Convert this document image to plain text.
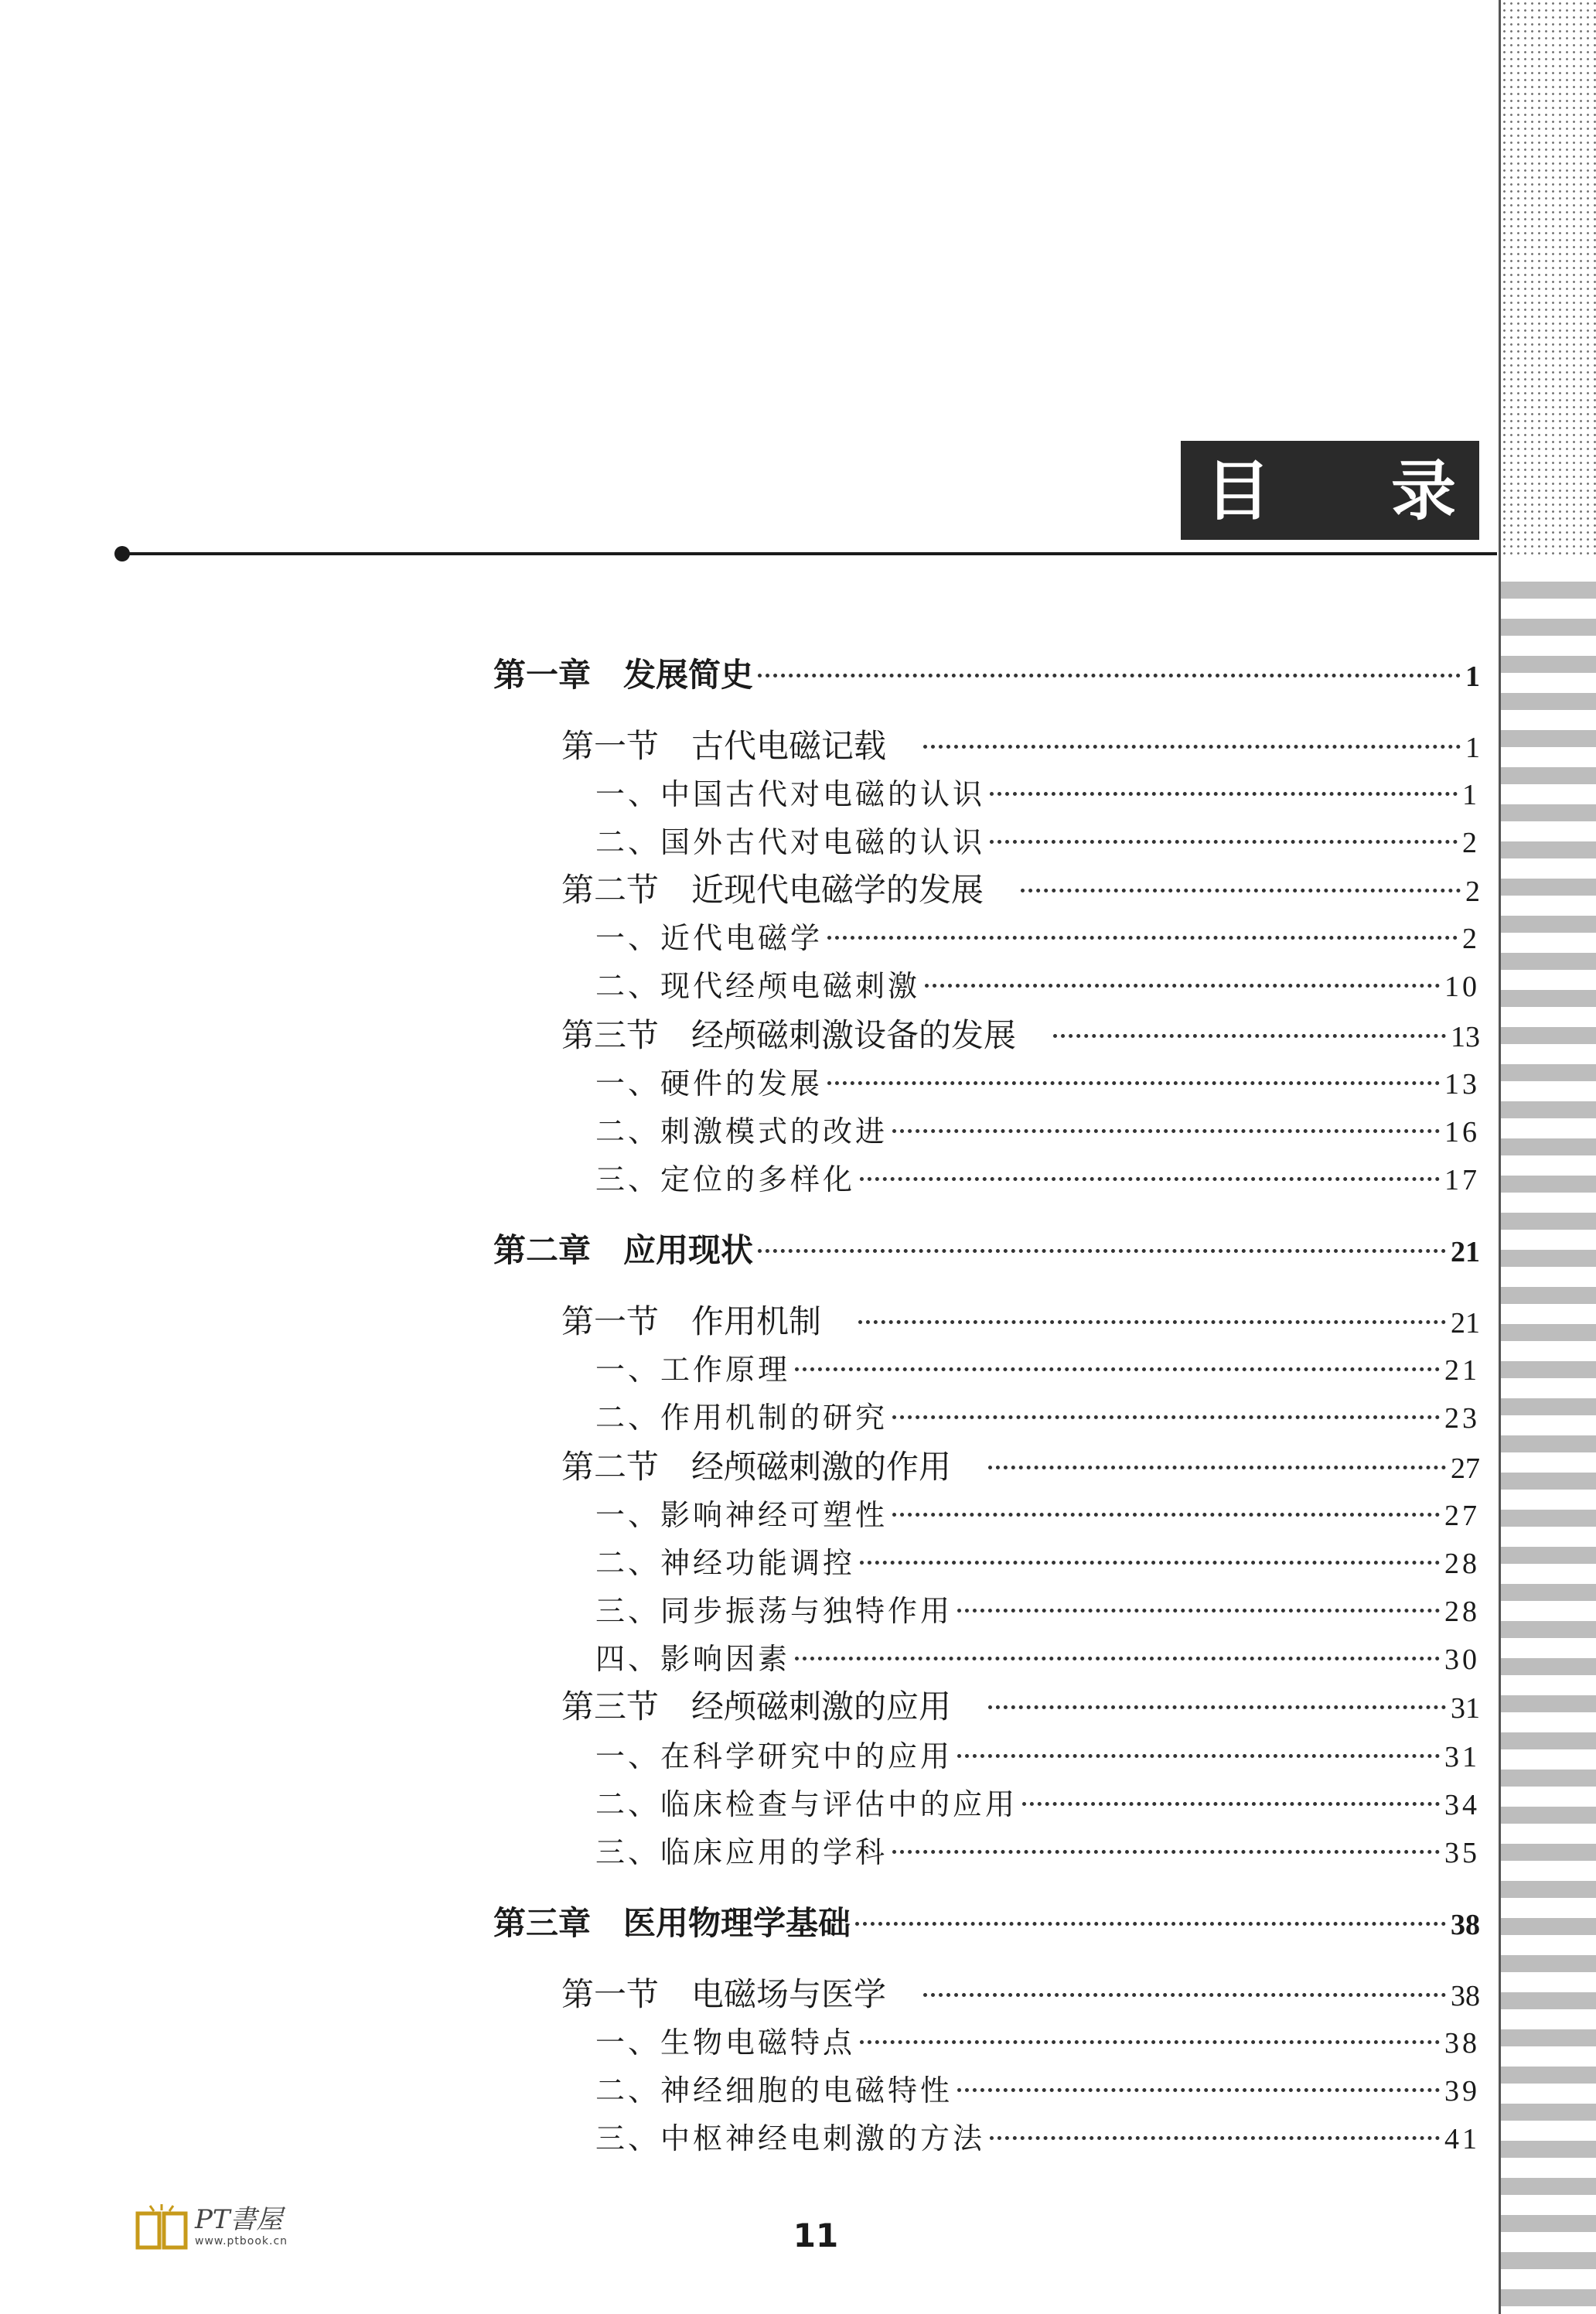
目 录
第一章　发展简史	1
第一节　古代电磁记载　	1
一、中国古代对电磁的认识	1
二、国外古代对电磁的认识	2
第二节　近现代电磁学的发展　	2
一、近代电磁学	2
二、现代经颅电磁刺激	10
第三节　经颅磁刺激设备的发展　	13
一、硬件的发展	13
二、刺激模式的改进	16
三、定位的多样化	17
第二章　应用现状	21
第一节　作用机制　	21
一、工作原理	21
二、作用机制的研究	23
第二节　经颅磁刺激的作用　	27
一、影响神经可塑性	27
二、神经功能调控	28
三、同步振荡与独特作用	28
四、影响因素	30
第三节　经颅磁刺激的应用　	31
一、在科学研究中的应用	31
二、临床检查与评估中的应用	34
三、临床应用的学科	35
第三章　医用物理学基础	38
第一节　电磁场与医学　	38
一、生物电磁特点	38
二、神经细胞的电磁特性	39
三、中枢神经电刺激的方法	41
PT書屋
www.ptbook.cn	11
